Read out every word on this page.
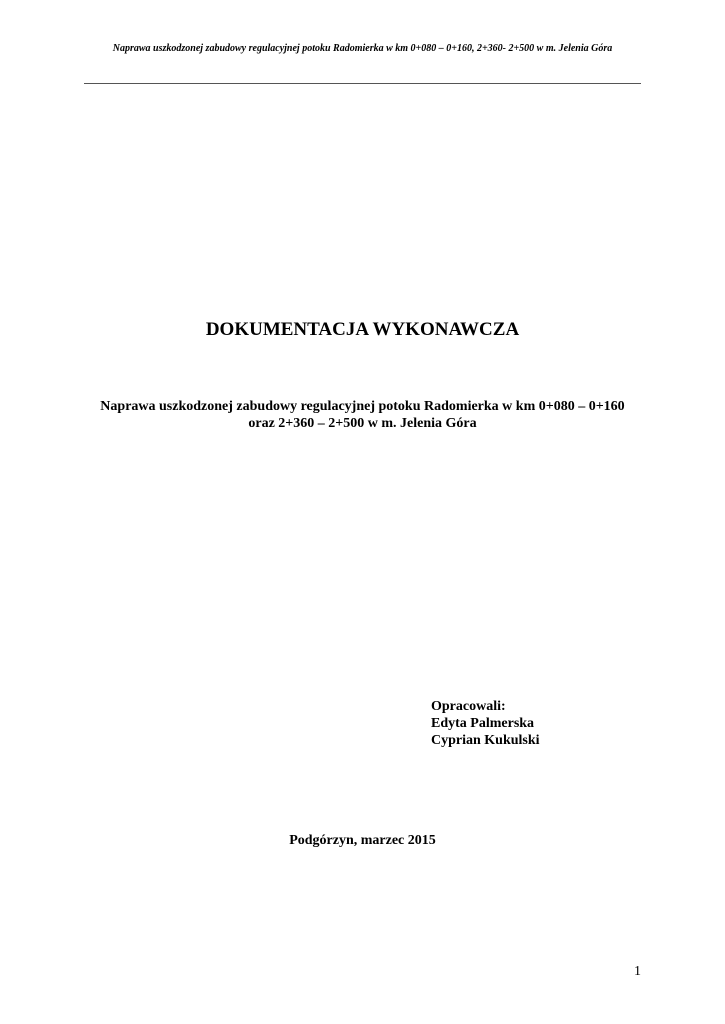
Naprawa uszkodzonej zabudowy regulacyjnej potoku Radomierka w km 0+080 – 0+160, 2+360- 2+500 w m. Jelenia Góra
DOKUMENTACJA WYKONAWCZA
Naprawa uszkodzonej zabudowy regulacyjnej potoku Radomierka w km 0+080 – 0+160
oraz 2+360 – 2+500 w m. Jelenia Góra
Opracowali:
Edyta Palmerska
Cyprian Kukulski
Podgórzyn, marzec 2015
1
